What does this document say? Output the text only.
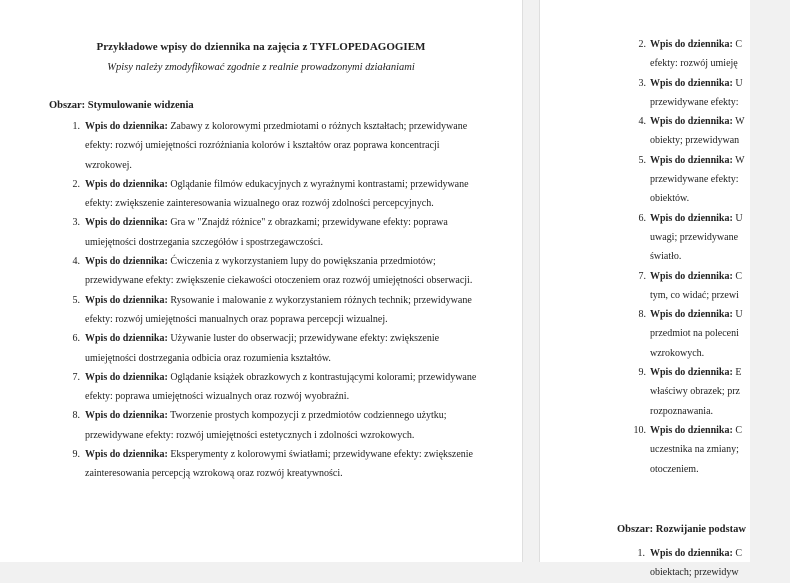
Przykładowe wpisy do dziennika na zajęcia z TYFLOPEDAGOGIEM
Wpisy należy zmodyfikować zgodnie z realnie prowadzonymi działaniami
Obszar: Stymulowanie widzenia
1. Wpis do dziennika: Zabawy z kolorowymi przedmiotami o różnych kształtach; przewidywane efekty: rozwój umiejętności rozróżniania kolorów i kształtów oraz poprawa koncentracji wzrokowej.
2. Wpis do dziennika: Oglądanie filmów edukacyjnych z wyraźnymi kontrastami; przewidywane efekty: zwiększenie zainteresowania wizualnego oraz rozwój zdolności percepcyjnych.
3. Wpis do dziennika: Gra w "Znajdź różnice" z obrazkami; przewidywane efekty: poprawa umiejętności dostrzegania szczegółów i spostrzegawczości.
4. Wpis do dziennika: Ćwiczenia z wykorzystaniem lupy do powiększania przedmiotów; przewidywane efekty: zwiększenie ciekawości otoczeniem oraz rozwój umiejętności obserwacji.
5. Wpis do dziennika: Rysowanie i malowanie z wykorzystaniem różnych technik; przewidywane efekty: rozwój umiejętności manualnych oraz poprawa percepcji wizualnej.
6. Wpis do dziennika: Używanie luster do obserwacji; przewidywane efekty: zwiększenie umiejętności dostrzegania odbicia oraz rozumienia kształtów.
7. Wpis do dziennika: Oglądanie książek obrazkowych z kontrastującymi kolorami; przewidywane efekty: poprawa umiejętności wizualnych oraz rozwój wyobraźni.
8. Wpis do dziennika: Tworzenie prostych kompozycji z przedmiotów codziennego użytku; przewidywane efekty: rozwój umiejętności estetycznych i zdolności wzrokowych.
9. Wpis do dziennika: Eksperymenty z kolorowymi światłami; przewidywane efekty: zwiększenie zainteresowania percepcją wzrokową oraz rozwój kreatywności.
2. Wpis do dziennika: C
efekty: rozwój umieję
3. Wpis do dziennika: U
przewidywane efekty:
4. Wpis do dziennika: W
obiekty; przewidywan
5. Wpis do dziennika: W
przewidywane efekty:
obiektów.
6. Wpis do dziennika: U
uwagi; przewidywane
światło.
7. Wpis do dziennika: C
tym, co widać; przewi
8. Wpis do dziennika: U
przedmiot na poleceni
wzrokowych.
9. Wpis do dziennika: E
właściwy obrazek; prz
rozpoznawania.
10. Wpis do dziennika: C
uczestnika na zmiany;
otoczeniem.
Obszar: Rozwijanie podstaw
1. Wpis do dziennika: C
obiektach; przewidyw
